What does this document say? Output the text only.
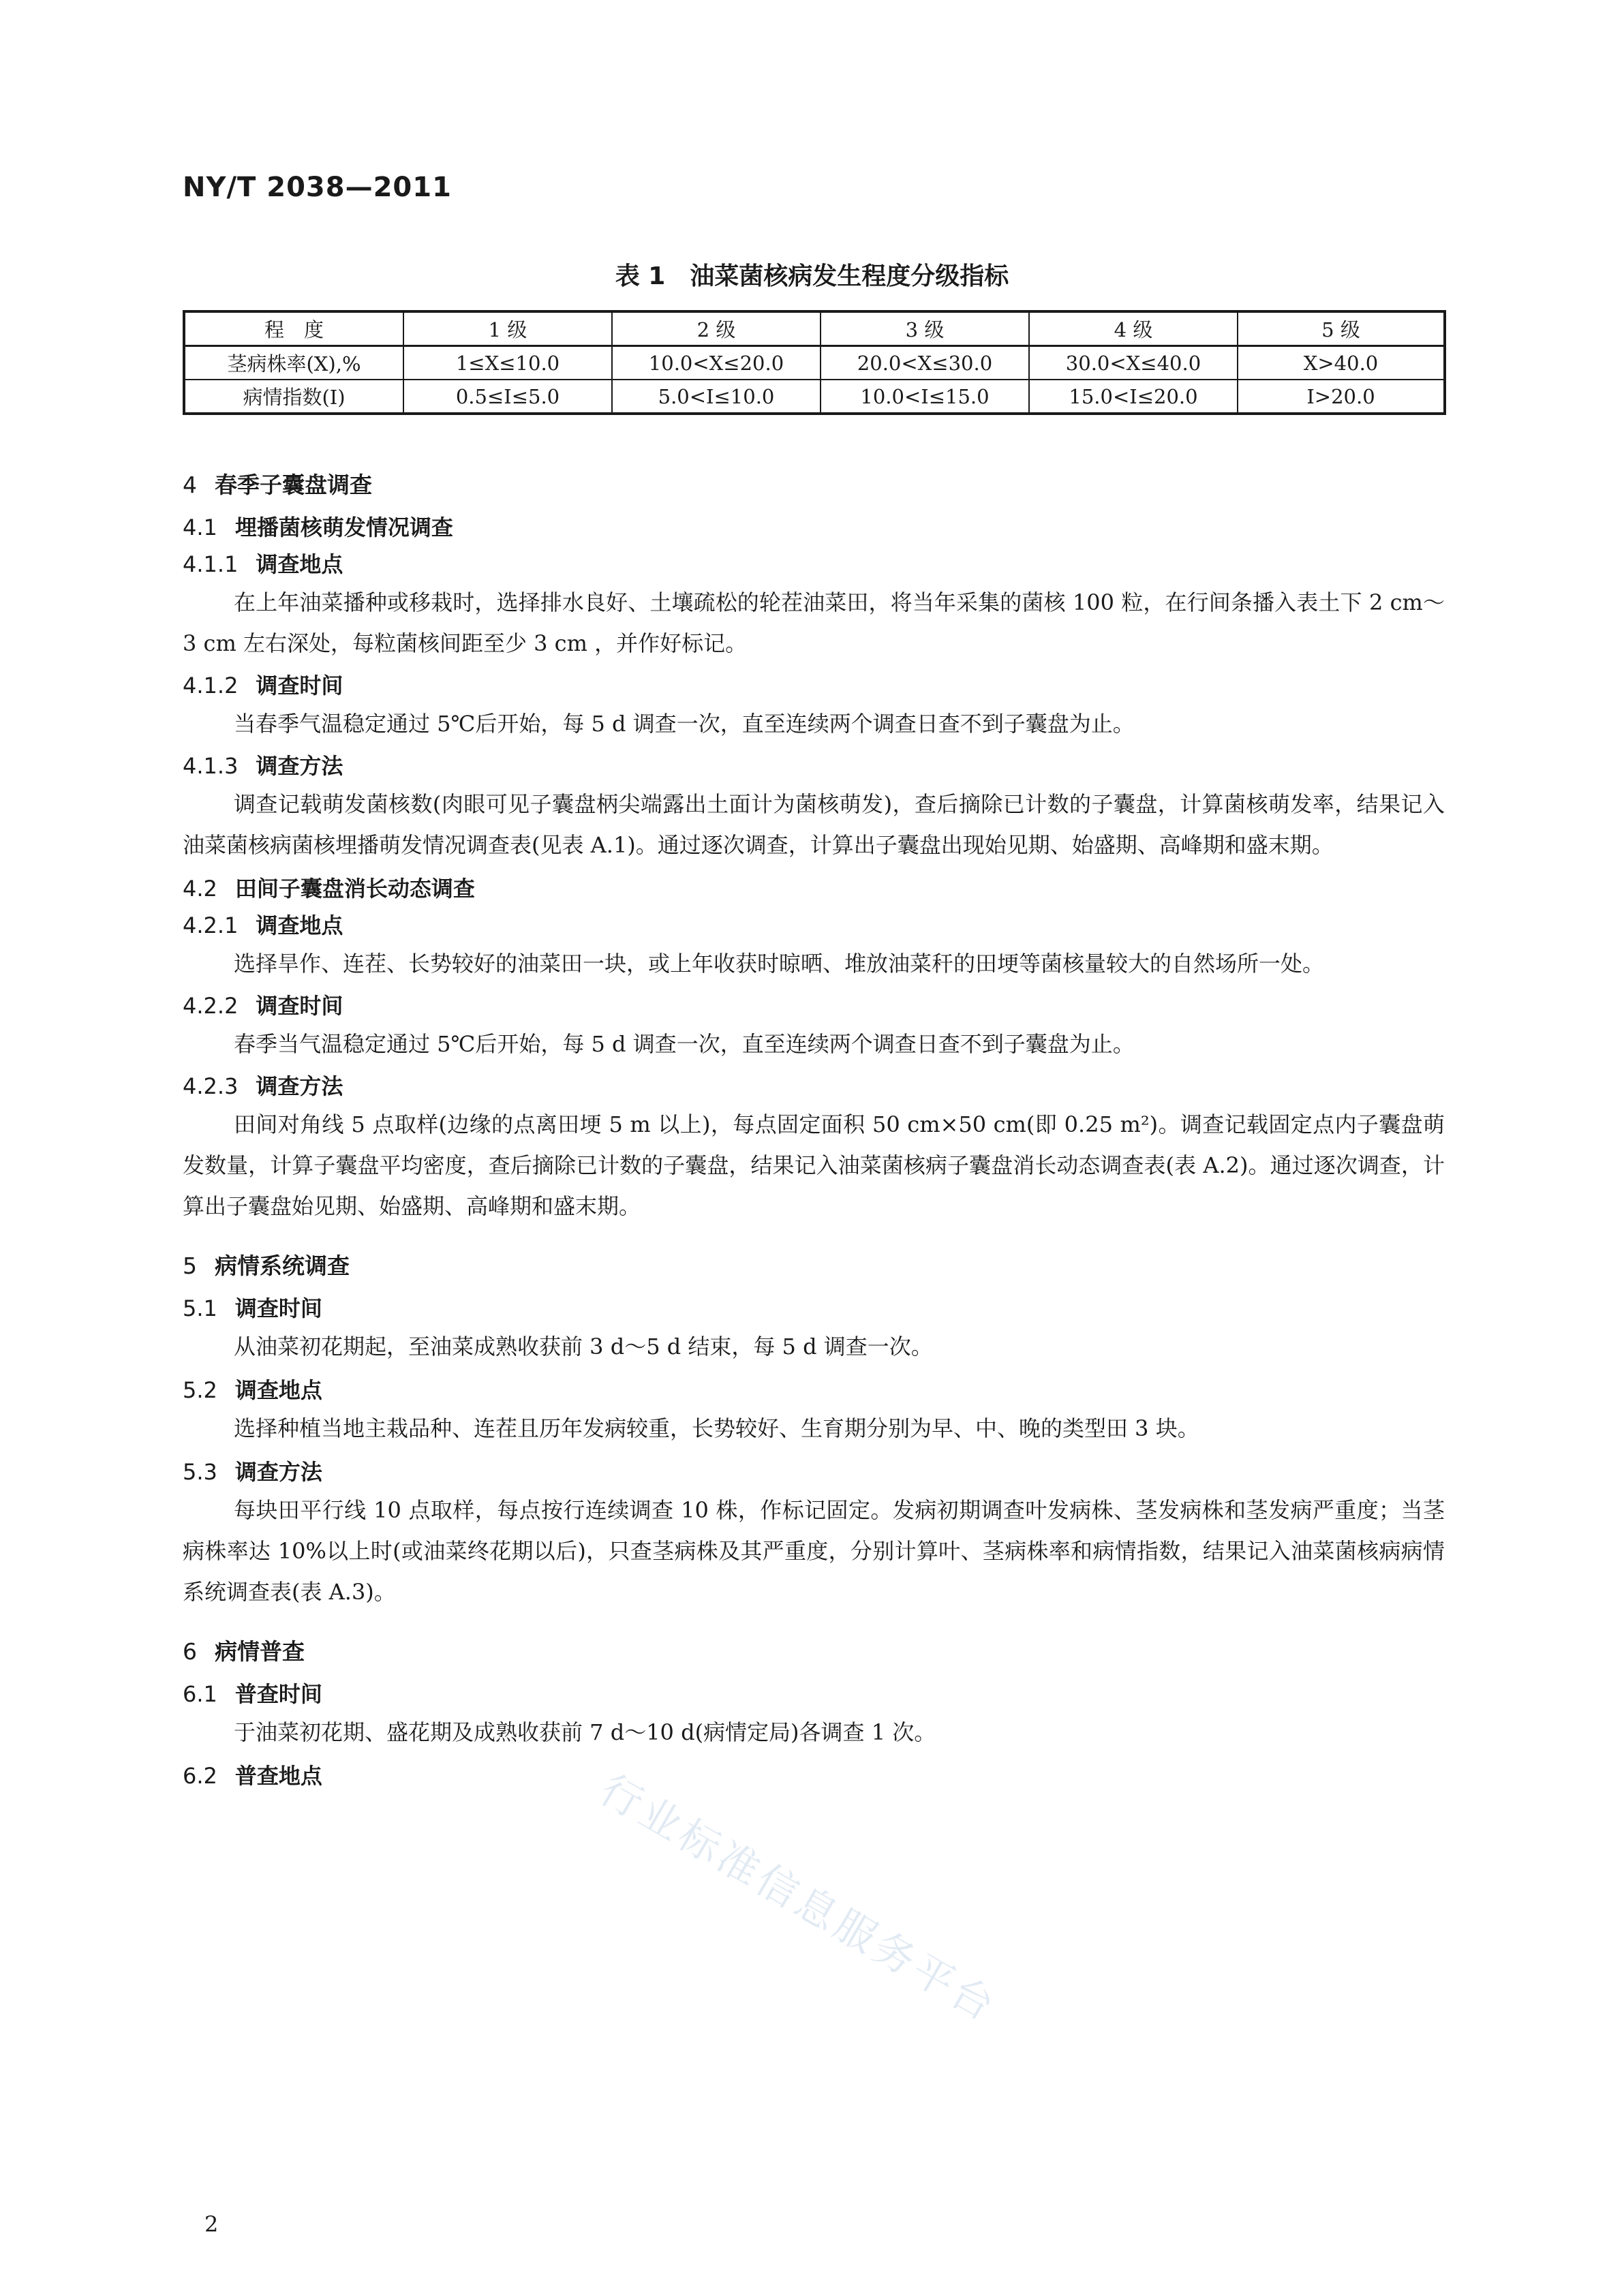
NY/T 2038—2011
表 1 油菜菌核病发生程度分级指标
程　度	1 级	2 级	3 级	4 级	5 级
茎病株率(X),%	1≤X≤10.0	10.0<X≤20.0	20.0<X≤30.0	30.0<X≤40.0	X>40.0
病情指数(I)	0.5≤I≤5.0	5.0<I≤10.0	10.0<I≤15.0	15.0<I≤20.0	I>20.0
4 春季子囊盘调查
4.1 埋播菌核萌发情况调查
4.1.1 调查地点
在上年油菜播种或移栽时，选择排水良好、土壤疏松的轮茬油菜田，将当年采集的菌核 100 粒，在行间条播入表土下 2 cm～3 cm 左右深处，每粒菌核间距至少 3 cm ，并作好标记。
4.1.2 调查时间
当春季气温稳定通过 5℃后开始，每 5 d 调查一次，直至连续两个调查日查不到子囊盘为止。
4.1.3 调查方法
调查记载萌发菌核数(肉眼可见子囊盘柄尖端露出土面计为菌核萌发)，查后摘除已计数的子囊盘，计算菌核萌发率，结果记入油菜菌核病菌核埋播萌发情况调查表(见表 A.1)。通过逐次调查，计算出子囊盘出现始见期、始盛期、高峰期和盛末期。
4.2 田间子囊盘消长动态调查
4.2.1 调查地点
选择旱作、连茬、长势较好的油菜田一块，或上年收获时晾晒、堆放油菜秆的田埂等菌核量较大的自然场所一处。
4.2.2 调查时间
春季当气温稳定通过 5℃后开始，每 5 d 调查一次，直至连续两个调查日查不到子囊盘为止。
4.2.3 调查方法
田间对角线 5 点取样(边缘的点离田埂 5 m 以上)，每点固定面积 50 cm×50 cm(即 0.25 m²)。调查记载固定点内子囊盘萌发数量，计算子囊盘平均密度，查后摘除已计数的子囊盘，结果记入油菜菌核病子囊盘消长动态调查表(表 A.2)。通过逐次调查，计算出子囊盘始见期、始盛期、高峰期和盛末期。
5 病情系统调查
5.1 调查时间
从油菜初花期起，至油菜成熟收获前 3 d～5 d 结束，每 5 d 调查一次。
5.2 调查地点
选择种植当地主栽品种、连茬且历年发病较重，长势较好、生育期分别为早、中、晚的类型田 3 块。
5.3 调查方法
每块田平行线 10 点取样，每点按行连续调查 10 株，作标记固定。发病初期调查叶发病株、茎发病株和茎发病严重度；当茎病株率达 10%以上时(或油菜终花期以后)，只查茎病株及其严重度，分别计算叶、茎病株率和病情指数，结果记入油菜菌核病病情系统调查表(表 A.3)。
6 病情普查
6.1 普查时间
于油菜初花期、盛花期及成熟收获前 7 d～10 d(病情定局)各调查 1 次。
6.2 普查地点	行业标准信息服务平台
2
